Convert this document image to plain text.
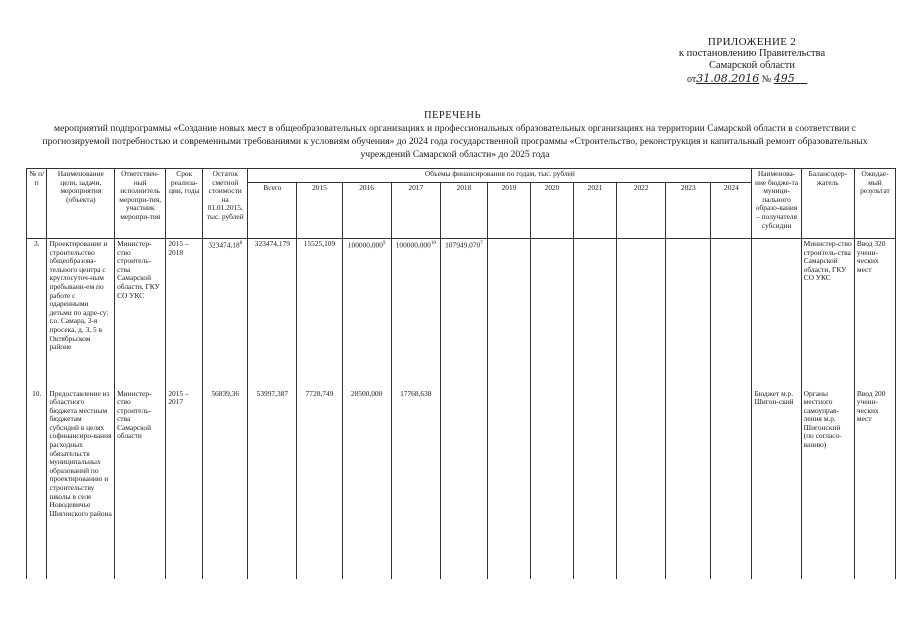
ПРИЛОЖЕНИЕ 2
к постановлению Правительства
Самарской области
от31.08.2016 № 495
ПЕРЕЧЕНЬ
мероприятий подпрограммы «Создание новых мест в общеобразовательных организациях и профессиональных образовательных организациях на территории Самарской области в соответствии с прогнозируемой потребностью и современными требованиями к условиям обучения» до 2024 года государственной программы «Строительство, реконструкция и капитальный ремонт образовательных учреждений Самарской области» до 2025 года
№ п/п	Наименование цели, задачи, мероприятия (объекта)	Ответствен-ный исполнитель меропри-тия, участник меропри-тия	Срок реализа-ции, годы	Остаток сметной стоимости на 01.01.2015, тыс. рублей	Объемы финансирования по годам, тыс. рублей											Наименова-ние бюдже-та муници-пального образо-вания – получателя субсидии	Балансодер-жатель	Ожидае-мый результат
					Всего	2015	2016	2017	2018	2019	2020	2021	2022	2023	2024			
3.	Проектирование и строительство общеобразова-тельного центра с круглосуточ-ным пребывани-ем по работе с одаренными детьми по адре-су: г.о. Самара, 3-я просека, д. 3, 5 в Октябрьском районе	Министер-ство строитель-ства Самарской области, ГКУ СО УКС	2015 – 2018	323474,18$^8$	323474,179	15525,109	100000,000$^9$	100000,000$^{10}$	107949,070$^7$								Министер-ство строитель-ства Самарской области, ГКУ СО УКС	Ввод 320 учени-ческих мест
10.	Предоставление из областного бюджета местным бюджетам субсидий в целях софинансиро-вания расходных обязательств муниципальных образований по проектированию и строительству школы в селе Новодевичье Шигонского района	Министер-ство строитель-ства Самарской области	2015 – 2017	56839,36	53997,387	7728,749	28500,000	17768,638								Бюджет м.р. Шигон-ский	Органы местного самоуправ-ления м.р. Шигонский (по согласо-ванию)	Ввод 200 учени-ческих мест
